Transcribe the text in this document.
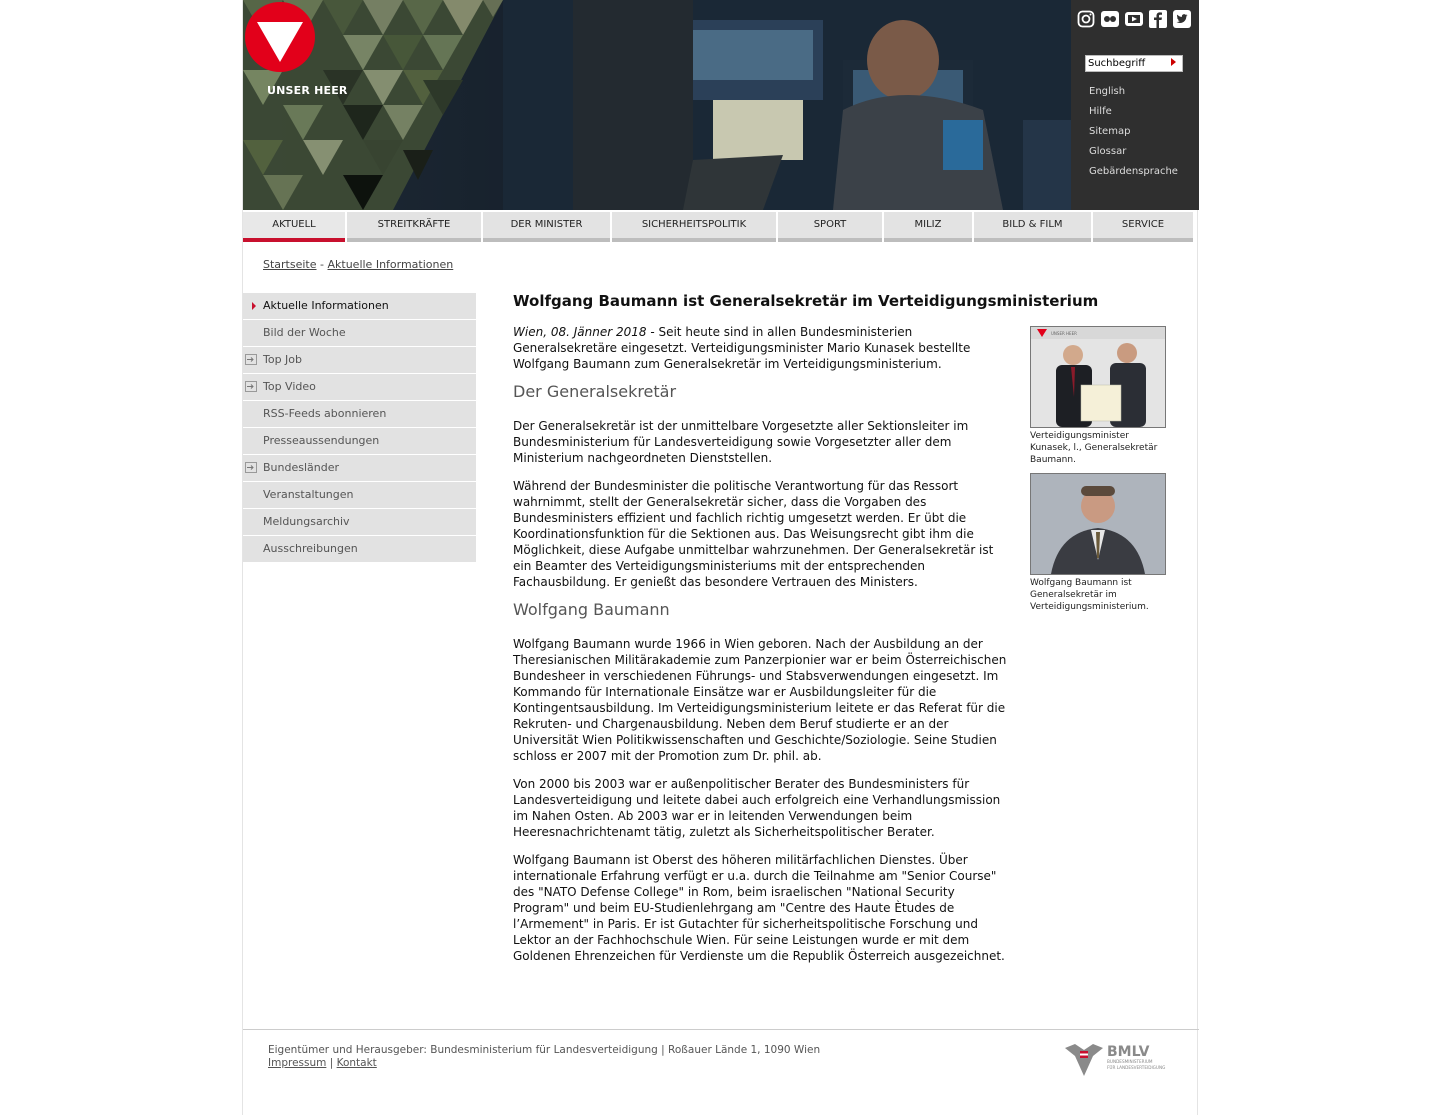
UNSER HEER
Suchbegriff
English
Hilfe
Sitemap
Glossar
Gebärdensprache
AKTUELL	STREITKRÄFTE	DER MINISTER	SICHERHEITSPOLITIK	SPORT	MILIZ	BILD & FILM	SERVICE
Startseite - Aktuelle Informationen
Aktuelle Informationen
Bild der Woche
Top Job
Top Video
RSS-Feeds abonnieren
Presseaussendungen
Bundesländer
Veranstaltungen
Meldungsarchiv
Ausschreibungen
Wolfgang Baumann ist Generalsekretär im Verteidigungsministerium

Wien, 08. Jänner 2018 - Seit heute sind in allen Bundesministerien Generalsekretäre eingesetzt. Verteidigungsminister Mario Kunasek bestellte Wolfgang Baumann zum Generalsekretär im Verteidigungsministerium.

Der Generalsekretär

Der Generalsekretär ist der unmittelbare Vorgesetzte aller Sektionsleiter im Bundesministerium für Landesverteidigung sowie Vorgesetzter aller dem Ministerium nachgeordneten Dienststellen.

Während der Bundesminister die politische Verantwortung für das Ressort wahrnimmt, stellt der Generalsekretär sicher, dass die Vorgaben des Bundesministers effizient und fachlich richtig umgesetzt werden. Er übt die Koordinationsfunktion für die Sektionen aus. Das Weisungsrecht gibt ihm die Möglichkeit, diese Aufgabe unmittelbar wahrzunehmen. Der Generalsekretär ist ein Beamter des Verteidigungsministeriums mit der entsprechenden Fachausbildung. Er genießt das besondere Vertrauen des Ministers.

Wolfgang Baumann

Wolfgang Baumann wurde 1966 in Wien geboren. Nach der Ausbildung an der Theresianischen Militärakademie zum Panzerpionier war er beim Österreichischen Bundesheer in verschiedenen Führungs- und Stabsverwendungen eingesetzt. Im Kommando für Internationale Einsätze war er Ausbildungsleiter für die Kontingentsausbildung. Im Verteidigungsministerium leitete er das Referat für die Rekruten- und Chargenausbildung. Neben dem Beruf studierte er an der Universität Wien Politikwissenschaften und Geschichte/Soziologie. Seine Studien schloss er 2007 mit der Promotion zum Dr. phil. ab.

Von 2000 bis 2003 war er außenpolitischer Berater des Bundesministers für Landesverteidigung und leitete dabei auch erfolgreich eine Verhandlungsmission im Nahen Osten. Ab 2003 war er in leitenden Verwendungen beim Heeresnachrichtenamt tätig, zuletzt als Sicherheitspolitischer Berater.

Wolfgang Baumann ist Oberst des höheren militärfachlichen Dienstes. Über internationale Erfahrung verfügt er u.a. durch die Teilnahme am "Senior Course" des "NATO Defense College" in Rom, beim israelischen "National Security Program" und beim EU-Studienlehrgang am "Centre des Haute Ètudes de l’Armement" in Paris. Er ist Gutachter für sicherheitspolitische Forschung und Lektor an der Fachhochschule Wien. Für seine Leistungen wurde er mit dem Goldenen Ehrenzeichen für Verdienste um die Republik Österreich ausgezeichnet.

UNSER HEER
Verteidigungsminister Kunasek, l., Generalsekretär Baumann.
Wolfgang Baumann ist Generalsekretär im Verteidigungsministerium.
Eigentümer und Herausgeber: Bundesministerium für Landesverteidigung | Roßauer Lände 1, 1090 Wien
Impressum | Kontakt
BMLV
BUNDESMINISTERIUM
FÜR LANDESVERTEIDIGUNG
